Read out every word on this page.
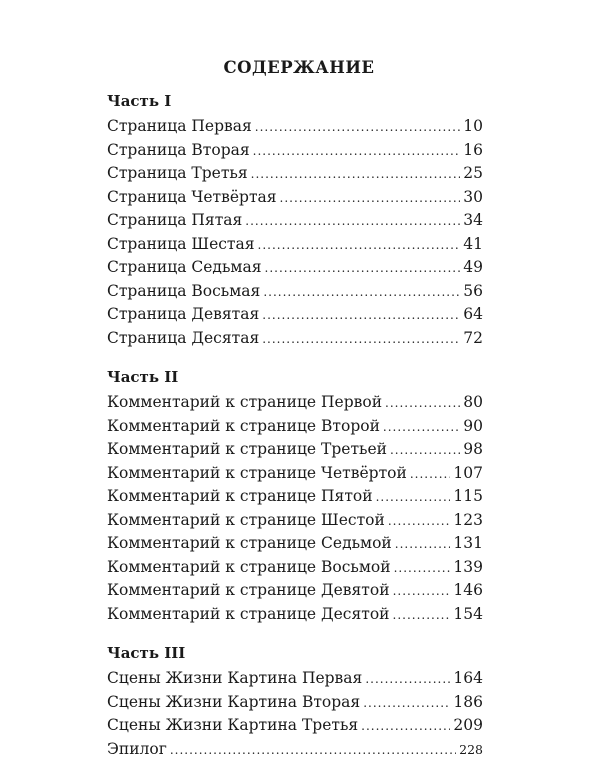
СОДЕРЖАНИЕ
Часть I
Страница Первая .....	10
Страница Вторая .....	16
Страница Третья .....	25
Страница Четвёртая .....	30
Страница Пятая .....	34
Страница Шестая .....	41
Страница Седьмая .....	49
Страница Восьмая .....	56
Страница Девятая .....	64
Страница Десятая .....	72
Часть II
Комментарий к странице Первой .....	80
Комментарий к странице Второй .....	90
Комментарий к странице Третьей .....	98
Комментарий к странице Четвёртой .....	107
Комментарий к странице Пятой .....	115
Комментарий к странице Шестой .....	123
Комментарий к странице Седьмой .....	131
Комментарий к странице Восьмой .....	139
Комментарий к странице Девятой .....	146
Комментарий к странице Десятой .....	154
Часть III
Сцены Жизни Картина Первая .....	164
Сцены Жизни Картина Вторая .....	186
Сцены Жизни Картина Третья .....	209
Эпилог .....	228
